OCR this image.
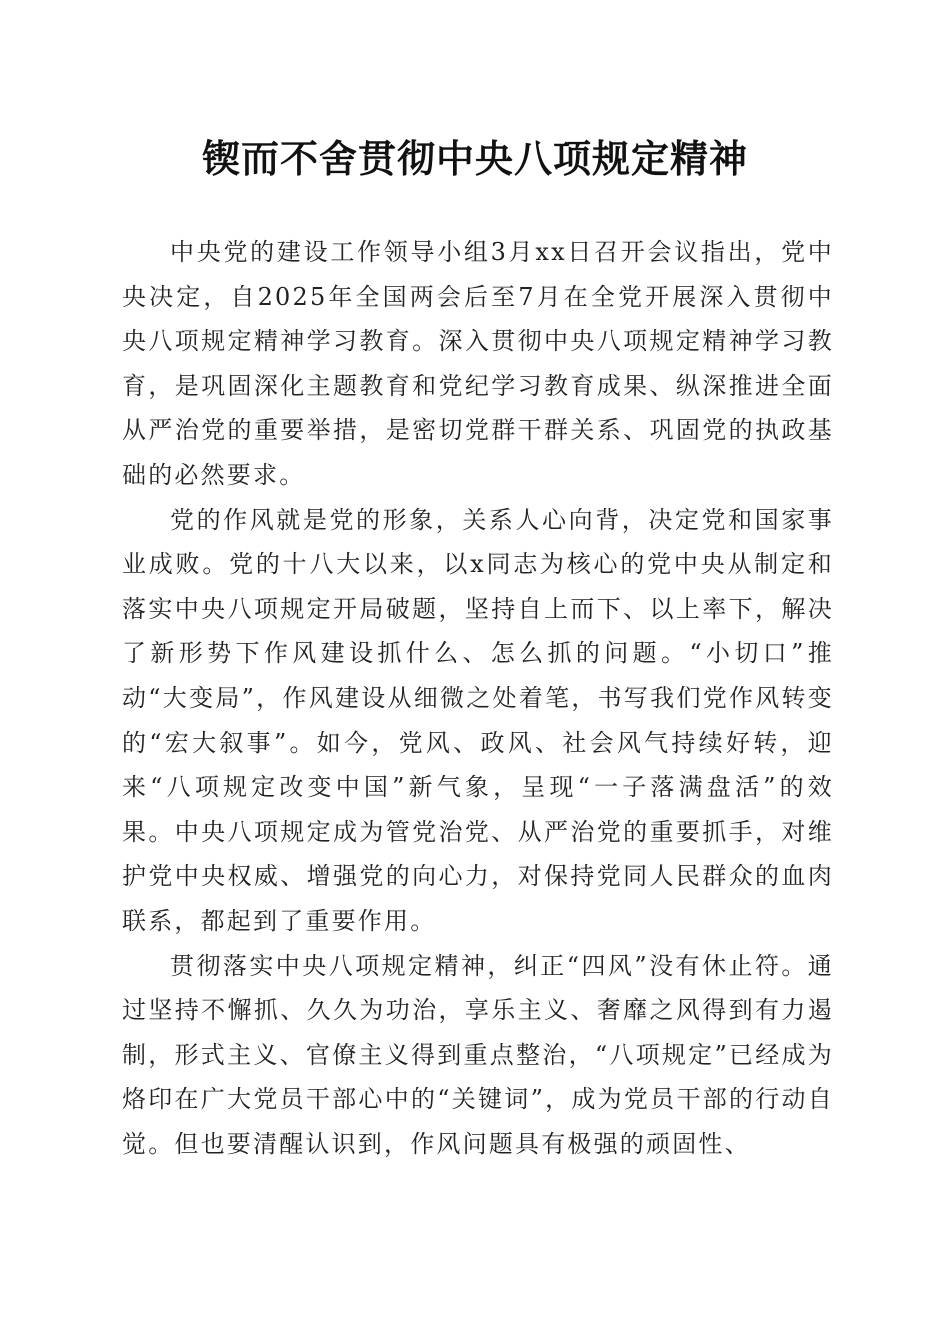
锲而不舍贯彻中央八项规定精神

中央党的建设工作领导小组3月xx日召开会议指出，党中央决定，自2025年全国两会后至7月在全党开展深入贯彻中央八项规定精神学习教育。深入贯彻中央八项规定精神学习教育，是巩固深化主题教育和党纪学习教育成果、纵深推进全面从严治党的重要举措，是密切党群干群关系、巩固党的执政基础的必然要求。

党的作风就是党的形象，关系人心向背，决定党和国家事业成败。党的十八大以来，以x同志为核心的党中央从制定和落实中央八项规定开局破题，坚持自上而下、以上率下，解决了新形势下作风建设抓什么、怎么抓的问题。“小切口”推动“大变局”，作风建设从细微之处着笔，书写我们党作风转变的“宏大叙事”。如今，党风、政风、社会风气持续好转，迎来“八项规定改变中国”新气象，呈现“一子落满盘活”的效果。中央八项规定成为管党治党、从严治党的重要抓手，对维护党中央权威、增强党的向心力，对保持党同人民群众的血肉联系，都起到了重要作用。

贯彻落实中央八项规定精神，纠正“四风”没有休止符。通过坚持不懈抓、久久为功治，享乐主义、奢靡之风得到有力遏制，形式主义、官僚主义得到重点整治，“八项规定”已经成为烙印在广大党员干部心中的“关键词”，成为党员干部的行动自觉。但也要清醒认识到，作风问题具有极强的顽固性、
